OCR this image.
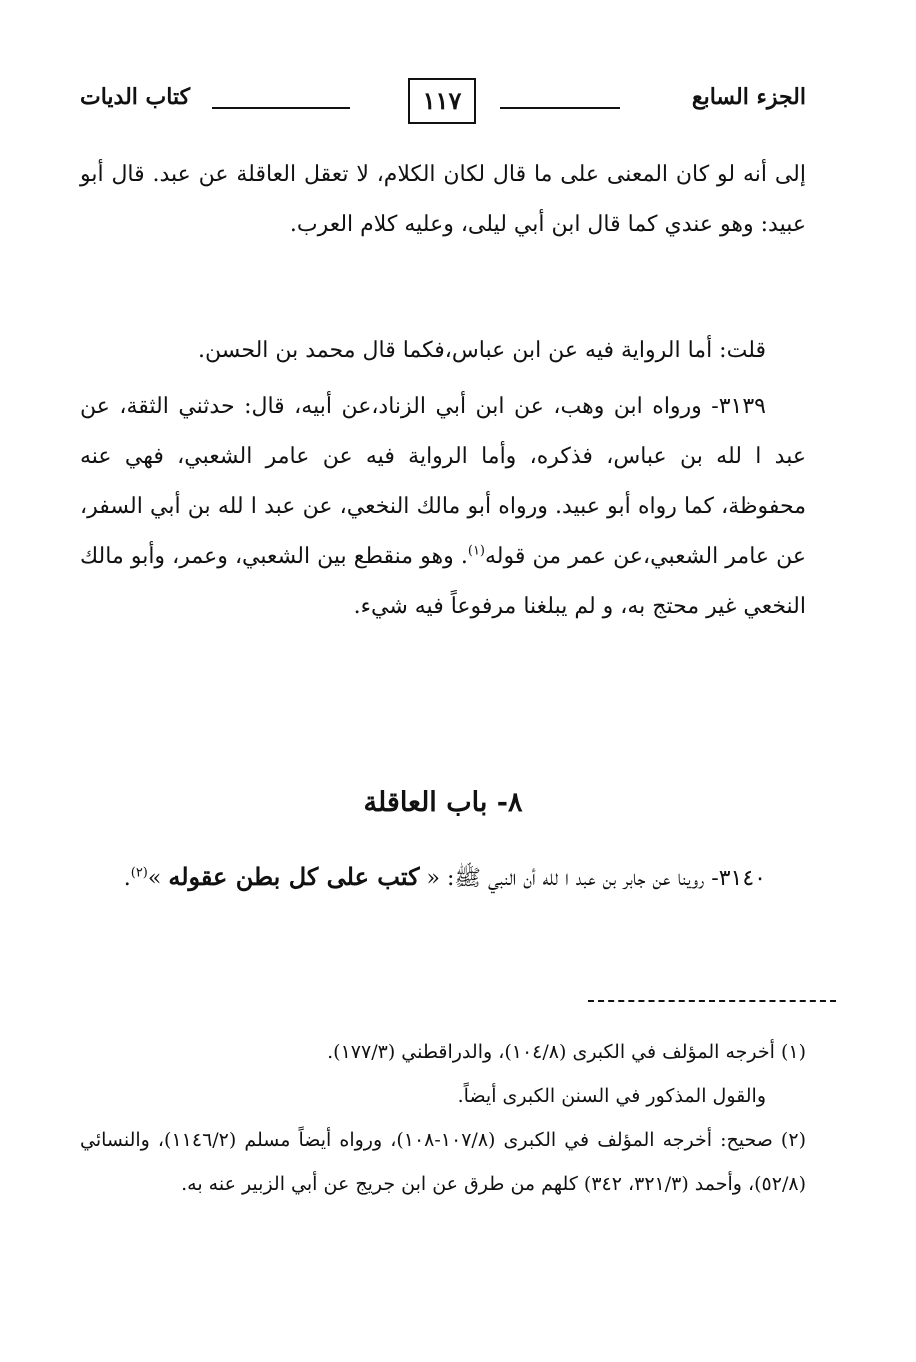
الجزء السابع
١١٧
كتاب الديات

إلى أنه لو كان المعنى على ما قال لكان الكلام، لا تعقل العاقلة عن عبد. قال أبو عبيد: وهو عندي كما قال ابن أبي ليلى، وعليه كلام العرب.

قلت: أما الرواية فيه عن ابن عباس،فكما قال محمد بن الحسن.

٣١٣٩- ورواه ابن وهب، عن ابن أبي الزناد،عن أبيه، قال: حدثني الثقة، عن عبد ا لله بن عباس، فذكره، وأما الرواية فيه عن عامر الشعبي، فهي عنه محفوظة، كما رواه أبو عبيد. ورواه أبو مالك النخعي، عن عبد ا لله بن أبي السفر، عن عامر الشعبي،عن عمر من قوله$^{(١)}$. وهو منقطع بين الشعبي، وعمر، وأبو مالك النخعي غير محتج به، و لم يبلغنا مرفوعاً فيه شيء.

٨- باب العاقلة

٣١٤٠- روينا عن جابر بن عبد ا لله أن النبي ﷺ: « كتب على كل بطن عقوله »$^{(٢)}$.

(١) أخرجه المؤلف في الكبرى (١٠٤/٨)، والدراقطني (١٧٧/٣).

والقول المذكور في السنن الكبرى أيضاً.

(٢) صحيح: أخرجه المؤلف في الكبرى (١٠٧/٨-١٠٨)، ورواه أيضاً مسلم (١١٤٦/٢)، والنسائي (٥٢/٨)، وأحمد (٣٢١/٣، ٣٤٢) كلهم من طرق عن ابن جريج عن أبي الزبير عنه به.
